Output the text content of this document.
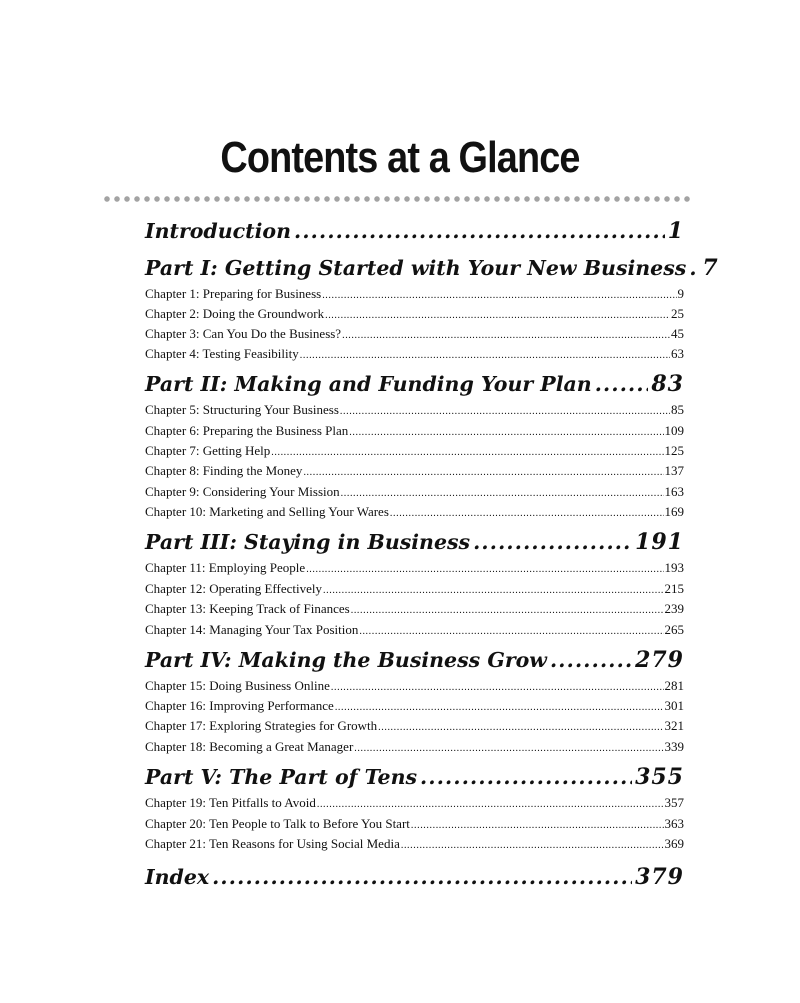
Contents at a Glance
Introduction .....	1
Part I: Getting Started with Your New Business ..... 7
Chapter 1: Preparing for Business .....	9
Chapter 2: Doing the Groundwork .....	25
Chapter 3: Can You Do the Business? .....	45
Chapter 4: Testing Feasibility .....	63
Part II: Making and Funding Your Plan .....	83
Chapter 5: Structuring Your Business .....	85
Chapter 6: Preparing the Business Plan .....	109
Chapter 7: Getting Help .....	125
Chapter 8: Finding the Money .....	137
Chapter 9: Considering Your Mission .....	163
Chapter 10: Marketing and Selling Your Wares .....	169
Part III: Staying in Business .....	191
Chapter 11: Employing People .....	193
Chapter 12: Operating Effectively .....	215
Chapter 13: Keeping Track of Finances .....	239
Chapter 14: Managing Your Tax Position .....	265
Part IV: Making the Business Grow .....	279
Chapter 15: Doing Business Online .....	281
Chapter 16: Improving Performance .....	301
Chapter 17: Exploring Strategies for Growth .....	321
Chapter 18: Becoming a Great Manager .....	339
Part V: The Part of Tens .....	355
Chapter 19: Ten Pitfalls to Avoid .....	357
Chapter 20: Ten People to Talk to Before You Start .....	363
Chapter 21: Ten Reasons for Using Social Media .....	369
Index .....	379
